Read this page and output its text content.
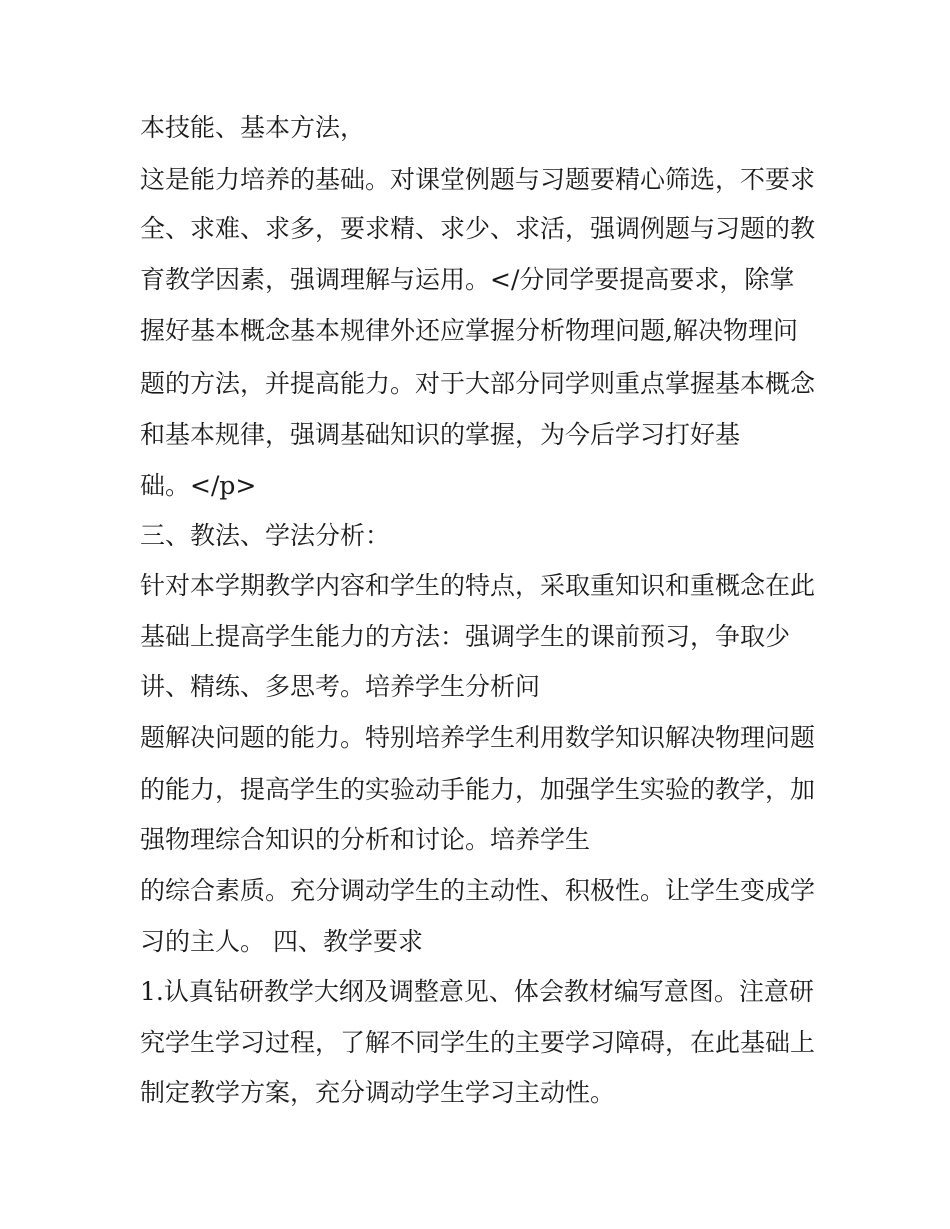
本技能、基本方法，
这是能力培养的基础。对课堂例题与习题要精心筛选，不要求
全、求难、求多，要求精、求少、求活，强调例题与习题的教
育教学因素，强调理解与运用。</分同学要提高要求，除掌
握好基本概念基本规律外还应掌握分析物理问题,解决物理问
题的方法，并提高能力。对于大部分同学则重点掌握基本概念
和基本规律，强调基础知识的掌握，为今后学习打好基
础。</p>
三、教法、学法分析：
针对本学期教学内容和学生的特点，采取重知识和重概念在此
基础上提高学生能力的方法：强调学生的课前预习，争取少
讲、精练、多思考。培养学生分析问
题解决问题的能力。特别培养学生利用数学知识解决物理问题
的能力，提高学生的实验动手能力，加强学生实验的教学，加
强物理综合知识的分析和讨论。培养学生
的综合素质。充分调动学生的主动性、积极性。让学生变成学
习的主人。 四、教学要求
1.认真钻研教学大纲及调整意见、体会教材编写意图。注意研
究学生学习过程，了解不同学生的主要学习障碍，在此基础上
制定教学方案，充分调动学生学习主动性。
